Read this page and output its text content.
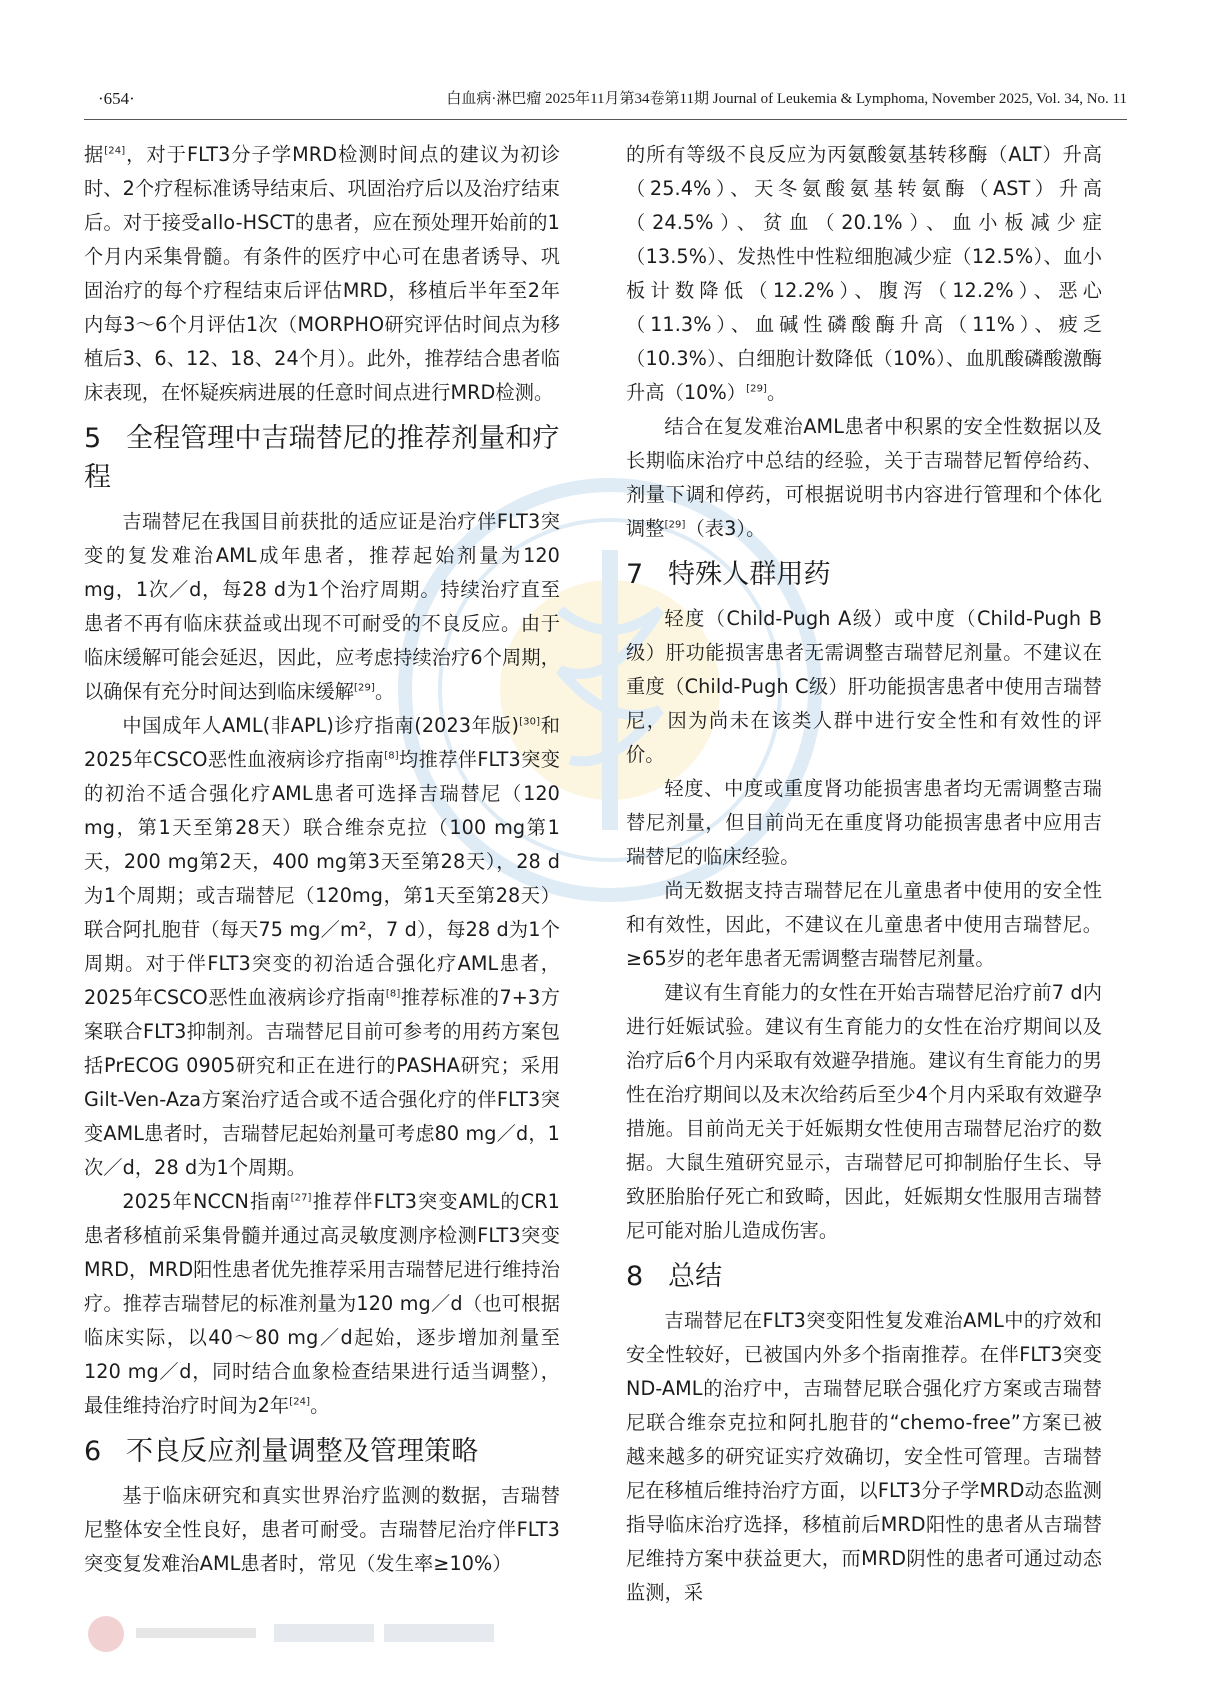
·654·	白血病·淋巴瘤 2025年11月第34卷第11期 Journal of Leukemia & Lymphoma, November 2025, Vol. 34, No. 11

据[24]，对于FLT3分子学MRD检测时间点的建议为初诊时、2个疗程标准诱导结束后、巩固治疗后以及治疗结束后。对于接受allo-HSCT的患者，应在预处理开始前的1个月内采集骨髓。有条件的医疗中心可在患者诱导、巩固治疗的每个疗程结束后评估MRD，移植后半年至2年内每3～6个月评估1次（MORPHO研究评估时间点为移植后3、6、12、18、24个月）。此外，推荐结合患者临床表现，在怀疑疾病进展的任意时间点进行MRD检测。

5 全程管理中吉瑞替尼的推荐剂量和疗程

吉瑞替尼在我国目前获批的适应证是治疗伴FLT3突变的复发难治AML成年患者，推荐起始剂量为120 mg，1次／d，每28 d为1个治疗周期。持续治疗直至患者不再有临床获益或出现不可耐受的不良反应。由于临床缓解可能会延迟，因此，应考虑持续治疗6个周期，以确保有充分时间达到临床缓解[29]。

中国成年人AML(非APL)诊疗指南(2023年版)[30]和2025年CSCO恶性血液病诊疗指南[8]均推荐伴FLT3突变的初治不适合强化疗AML患者可选择吉瑞替尼（120 mg，第1天至第28天）联合维奈克拉（100 mg第1天，200 mg第2天，400 mg第3天至第28天），28 d为1个周期；或吉瑞替尼（120mg，第1天至第28天）联合阿扎胞苷（每天75 mg／m²，7 d），每28 d为1个周期。对于伴FLT3突变的初治适合强化疗AML患者，2025年CSCO恶性血液病诊疗指南[8]推荐标准的7+3方案联合FLT3抑制剂。吉瑞替尼目前可参考的用药方案包括PrECOG 0905研究和正在进行的PASHA研究；采用Gilt-Ven-Aza方案治疗适合或不适合强化疗的伴FLT3突变AML患者时，吉瑞替尼起始剂量可考虑80 mg／d，1次／d，28 d为1个周期。

2025年NCCN指南[27]推荐伴FLT3突变AML的CR1患者移植前采集骨髓并通过高灵敏度测序检测FLT3突变MRD，MRD阳性患者优先推荐采用吉瑞替尼进行维持治疗。推荐吉瑞替尼的标准剂量为120 mg／d（也可根据临床实际，以40～80 mg／d起始，逐步增加剂量至120 mg／d，同时结合血象检查结果进行适当调整），最佳维持治疗时间为2年[24]。

6 不良反应剂量调整及管理策略

基于临床研究和真实世界治疗监测的数据，吉瑞替尼整体安全性良好，患者可耐受。吉瑞替尼治疗伴FLT3突变复发难治AML患者时，常见（发生率≥10%）

的所有等级不良反应为丙氨酸氨基转移酶（ALT）升高（25.4%）、天冬氨酸氨基转氨酶（AST）升高（24.5%）、贫血（20.1%）、血小板减少症（13.5%）、发热性中性粒细胞减少症（12.5%）、血小板计数降低（12.2%）、腹泻（12.2%）、恶心（11.3%）、血碱性磷酸酶升高（11%）、疲乏（10.3%）、白细胞计数降低（10%）、血肌酸磷酸激酶升高（10%）[29]。

结合在复发难治AML患者中积累的安全性数据以及长期临床治疗中总结的经验，关于吉瑞替尼暂停给药、剂量下调和停药，可根据说明书内容进行管理和个体化调整[29]（表3）。

7 特殊人群用药

轻度（Child-Pugh A级）或中度（Child-Pugh B级）肝功能损害患者无需调整吉瑞替尼剂量。不建议在重度（Child-Pugh C级）肝功能损害患者中使用吉瑞替尼，因为尚未在该类人群中进行安全性和有效性的评价。

轻度、中度或重度肾功能损害患者均无需调整吉瑞替尼剂量，但目前尚无在重度肾功能损害患者中应用吉瑞替尼的临床经验。

尚无数据支持吉瑞替尼在儿童患者中使用的安全性和有效性，因此，不建议在儿童患者中使用吉瑞替尼。≥65岁的老年患者无需调整吉瑞替尼剂量。

建议有生育能力的女性在开始吉瑞替尼治疗前7 d内进行妊娠试验。建议有生育能力的女性在治疗期间以及治疗后6个月内采取有效避孕措施。建议有生育能力的男性在治疗期间以及末次给药后至少4个月内采取有效避孕措施。目前尚无关于妊娠期女性使用吉瑞替尼治疗的数据。大鼠生殖研究显示，吉瑞替尼可抑制胎仔生长、导致胚胎胎仔死亡和致畸，因此，妊娠期女性服用吉瑞替尼可能对胎儿造成伤害。

8 总结

吉瑞替尼在FLT3突变阳性复发难治AML中的疗效和安全性较好，已被国内外多个指南推荐。在伴FLT3突变ND-AML的治疗中，吉瑞替尼联合强化疗方案或吉瑞替尼联合维奈克拉和阿扎胞苷的“chemo-free”方案已被越来越多的研究证实疗效确切，安全性可管理。吉瑞替尼在移植后维持治疗方面，以FLT3分子学MRD动态监测指导临床治疗选择，移植前后MRD阳性的患者从吉瑞替尼维持方案中获益更大，而MRD阴性的患者可通过动态监测，采
